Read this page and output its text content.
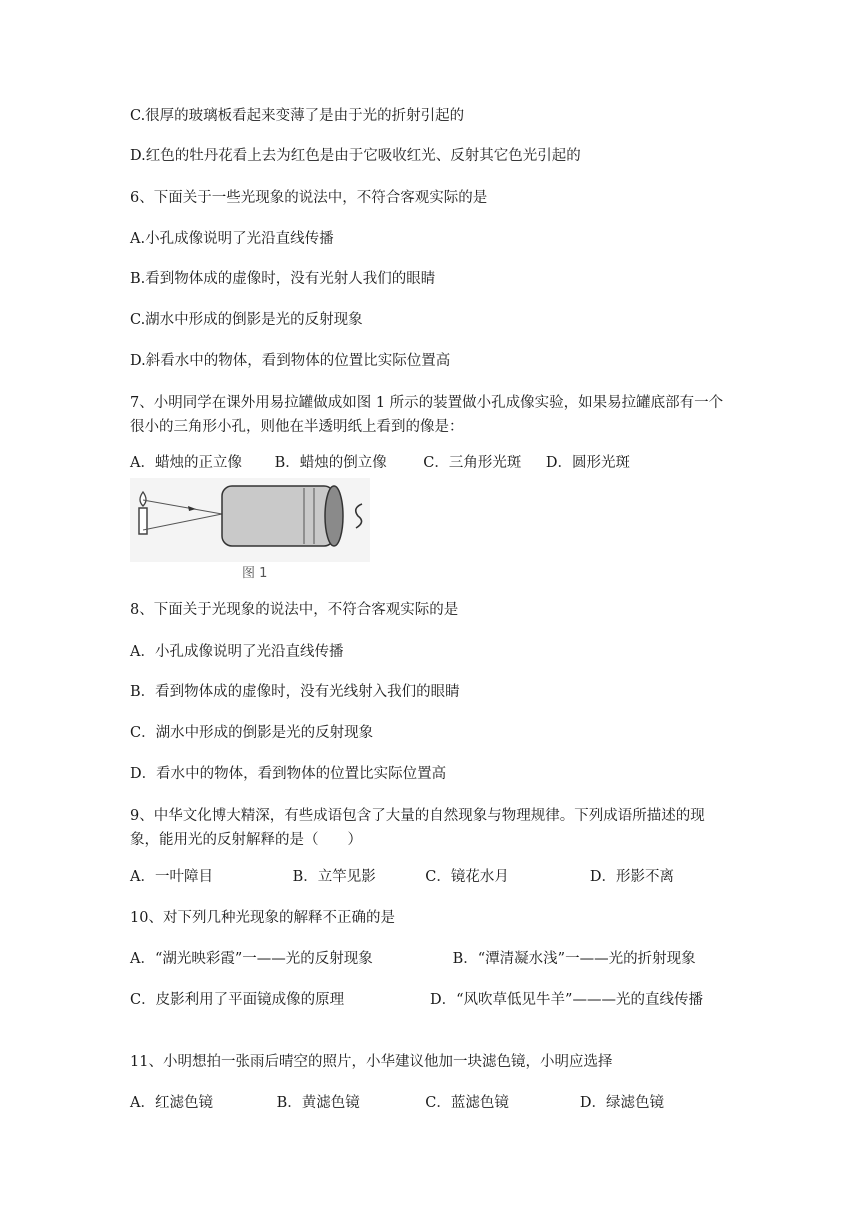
C.很厚的玻璃板看起来变薄了是由于光的折射引起的
D.红色的牡丹花看上去为红色是由于它吸收红光、反射其它色光引起的
6、下面关于一些光现象的说法中，不符合客观实际的是
A.小孔成像说明了光沿直线传播
B.看到物体成的虚像时，没有光射人我们的眼睛
C.湖水中形成的倒影是光的反射现象
D.斜看水中的物体，看到物体的位置比实际位置高
7、小明同学在课外用易拉罐做成如图 1 所示的装置做小孔成像实验，如果易拉罐底部有一个很小的三角形小孔，则他在半透明纸上看到的像是：
A．蜡烛的正立像 B．蜡烛的倒立像	C．三角形光斑 D．圆形光斑
图 1
8、下面关于光现象的说法中，不符合客观实际的是
A．小孔成像说明了光沿直线传播
B．看到物体成的虚像时，没有光线射入我们的眼睛
C．湖水中形成的倒影是光的反射现象
D．看水中的物体，看到物体的位置比实际位置高
9、中华文化博大精深，有些成语包含了大量的自然现象与物理规律。下列成语所描述的现象，能用光的反射解释的是（　　）
A．一叶障目	B．立竿见影	C．镜花水月	D．形影不离
10、对下列几种光现象的解释不正确的是
A．“湖光映彩霞”一——光的反射现象	B．“潭清凝水浅”一——光的折射现象
C．皮影利用了平面镜成像的原理	D．“风吹草低见牛羊”———光的直线传播
11、小明想拍一张雨后晴空的照片，小华建议他加一块滤色镜，小明应选择
A．红滤色镜	B．黄滤色镜	C．蓝滤色镜	D．绿滤色镜
